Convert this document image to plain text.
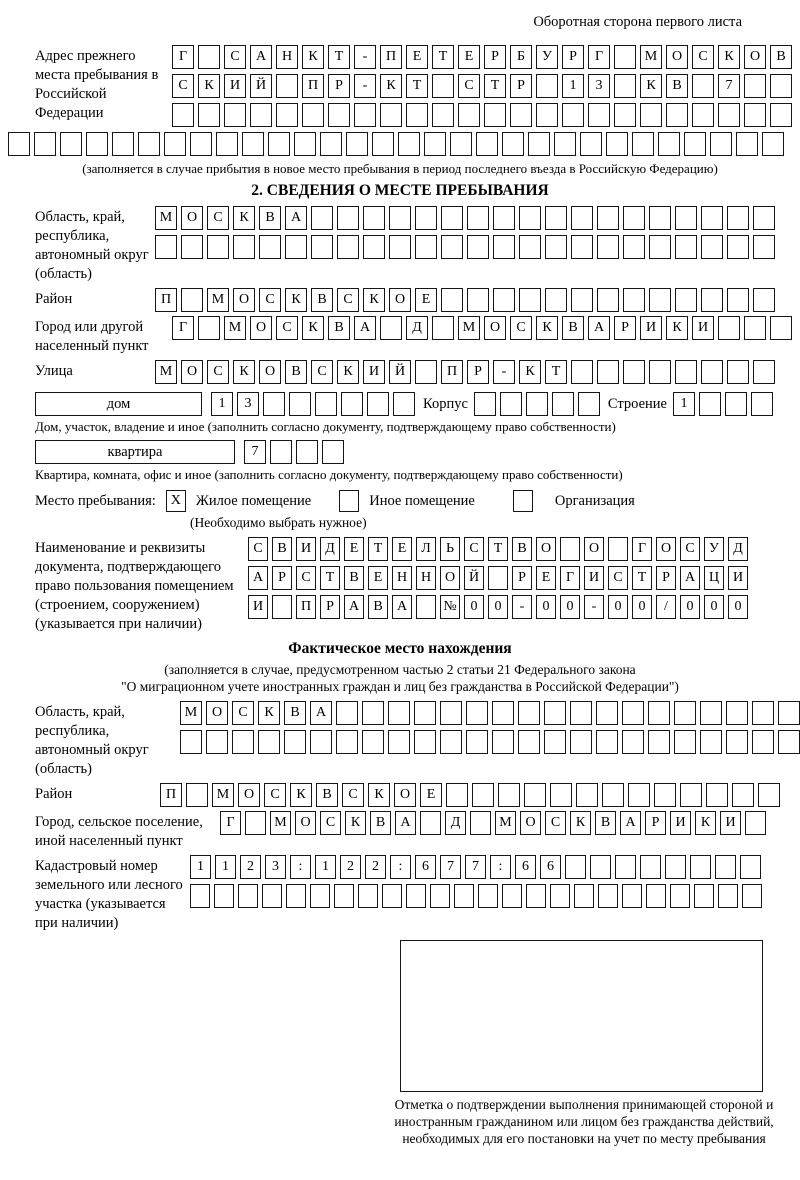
Оборотная сторона первого листа
Адрес прежнего места пребывания в Российской Федерации
Г	С	А	Н	К	Т	-	П	Е	Т	Е	Р	Б	У	Р	Г	М	О	С	К	О	В
С	К	И	Й	П	Р	-	К	Т	С	Т	Р	1	3	К	В	7
(заполняется в случае прибытия в новое место пребывания в период последнего въезда в Российскую Федерацию)
2. СВЕДЕНИЯ О МЕСТЕ ПРЕБЫВАНИЯ
Область, край, республика, автономный округ (область)
М	О	С	К	В	А
Район	П	М	О	С	К	В	С	К	О	Е
Город или другой населенный пункт
Г	М	О	С	К	В	А	Д	М	О	С	К	В	А	Р	И	К	И
Улица	М	О	С	К	О	В	С	К	И	Й	П	Р	-	К	Т
дом	1	3	Корпус	Строение 1
Дом, участок, владение и иное (заполнить согласно документу, подтверждающему право собственности)
квартира	7
Квартира, комната, офис и иное (заполнить согласно документу, подтверждающему право собственности)
Место пребывания:	X	Жилое помещение	Иное помещение	Организация
(Необходимо выбрать нужное)
Наименование и реквизиты документа, подтверждающего право пользования помещением (строением, сооружением) (указывается при наличии)
С	В	И	Д	Е	Т	Е	Л	Ь	С	Т	В	О	О	Г	О	С	У	Д
А	Р	С	Т	В	Е	Н Н О Й	Р	Е	Г	И	С	Т	Р	А Ц И
И	П	Р	А	В	А	№ 0	0	-	0	0	-	0	0	/	0	0	0
Фактическое место нахождения
(заполняется в случае, предусмотренном частью 2 статьи 21 Федерального закона
"О миграционном учете иностранных граждан и лиц без гражданства в Российской Федерации")
Область, край, республика, автономный округ (область)
М	О	С	К	В	А
Район	П	М	О	С	К	В	С	К	О	Е
Город, сельское поселение, иной населенный пункт
Г	М О	С	К	В	А	Д	М О	С	К	В	А	Р	И	К	И
Кадастровый номер земельного или лесного участка (указывается при наличии)
1	1	2	3	:	1	2	2	:	6	7	7	:	6	6
Отметка о подтверждении выполнения принимающей стороной и иностранным гражданином или лицом без гражданства действий, необходимых для его постановки на учет по месту пребывания
